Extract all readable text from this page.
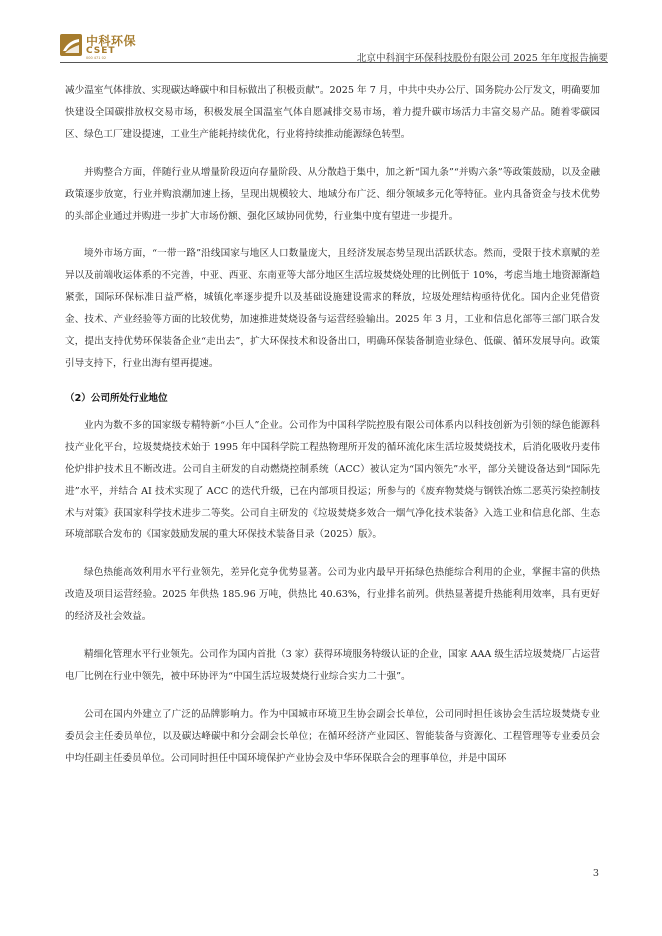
中科环保
CSET
000 471 02	北京中科润宇环保科技股份有限公司 2025 年年度报告摘要

减少温室气体排放、实现碳达峰碳中和目标做出了积极贡献”。2025 年 7 月，中共中央办公厅、国务院办公厅发文，明确要加快建设全国碳排放权交易市场，积极发展全国温室气体自愿减排交易市场，着力提升碳市场活力丰富交易产品。随着零碳园区、绿色工厂建设提速，工业生产能耗持续优化，行业将持续推动能源绿色转型。

并购整合方面，伴随行业从增量阶段迈向存量阶段、从分散趋于集中，加之新“国九条”“并购六条”等政策鼓励，以及金融政策逐步放宽，行业并购浪潮加速上扬，呈现出规模较大、地域分布广泛、细分领域多元化等特征。业内具备资金与技术优势的头部企业通过并购进一步扩大市场份额、强化区域协同优势，行业集中度有望进一步提升。

境外市场方面，“一带一路”沿线国家与地区人口数量庞大，且经济发展态势呈现出活跃状态。然而，受限于技术禀赋的差异以及前端收运体系的不完善，中亚、西亚、东南亚等大部分地区生活垃圾焚烧处理的比例低于 10%，考虑当地土地资源渐趋紧张，国际环保标准日益严格，城镇化率逐步提升以及基础设施建设需求的释放，垃圾处理结构亟待优化。国内企业凭借资金、技术、产业经验等方面的比较优势，加速推进焚烧设备与运营经验输出。2025 年 3 月，工业和信息化部等三部门联合发文，提出支持优势环保装备企业“走出去”，扩大环保技术和设备出口，明确环保装备制造业绿色、低碳、循环发展导向。政策引导支持下，行业出海有望再提速。

（2）公司所处行业地位

业内为数不多的国家级专精特新“小巨人”企业。公司作为中国科学院控股有限公司体系内以科技创新为引领的绿色能源科技产业化平台，垃圾焚烧技术始于 1995 年中国科学院工程热物理所开发的循环流化床生活垃圾焚烧技术，后消化吸收丹麦伟伦炉排护技术且不断改进。公司自主研发的自动燃烧控制系统（ACC）被认定为“国内领先”水平，部分关键设备达到“国际先进”水平，并结合 AI 技术实现了 ACC 的迭代升级，已在内部项目投运；所参与的《废弃物焚烧与钢铁冶炼二恶英污染控制技术与对策》获国家科学技术进步二等奖。公司自主研发的《垃圾焚烧多效合一烟气净化技术装备》入选工业和信息化部、生态环境部联合发布的《国家鼓励发展的重大环保技术装备目录（2025）版》。

绿色热能高效利用水平行业领先，差异化竞争优势显著。公司为业内最早开拓绿色热能综合利用的企业，掌握丰富的供热改造及项目运营经验。2025 年供热 185.96 万吨，供热比 40.63%，行业排名前列。供热显著提升热能利用效率，具有更好的经济及社会效益。

精细化管理水平行业领先。公司作为国内首批（3 家）获得环境服务特级认证的企业，国家 AAA 级生活垃圾焚烧厂占运营电厂比例在行业中领先，被中环协评为“中国生活垃圾焚烧行业综合实力二十强”。

公司在国内外建立了广泛的品牌影响力。作为中国城市环境卫生协会副会长单位，公司同时担任该协会生活垃圾焚烧专业委员会主任委员单位，以及碳达峰碳中和分会副会长单位；在循环经济产业园区、智能装备与资源化、工程管理等专业委员会中均任副主任委员单位。公司同时担任中国环境保护产业协会及中华环保联合会的理事单位，并是中国环

3
